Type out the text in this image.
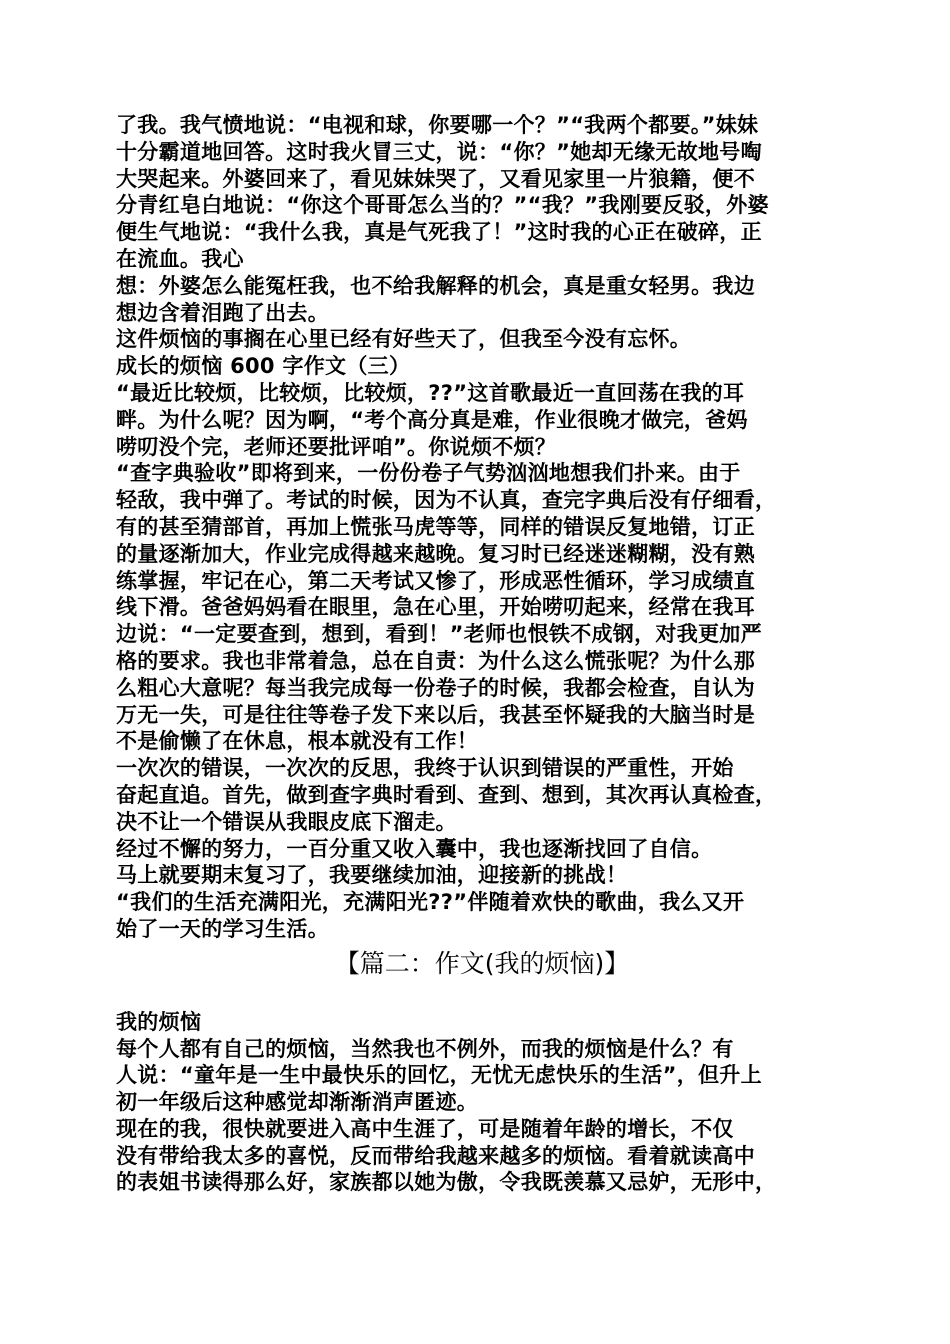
了我。我气愤地说：“电视和球，你要哪一个？”“我两个都要。”妹妹
十分霸道地回答。这时我火冒三丈，说：“你？”她却无缘无故地号啕
大哭起来。外婆回来了，看见妹妹哭了，又看见家里一片狼籍，便不
分青红皂白地说：“你这个哥哥怎么当的？”“我？”我刚要反驳，外婆
便生气地说：“我什么我，真是气死我了！”这时我的心正在破碎，正
在流血。我心
想：外婆怎么能冤枉我，也不给我解释的机会，真是重女轻男。我边
想边含着泪跑了出去。
这件烦恼的事搁在心里已经有好些天了，但我至今没有忘怀。
成长的烦恼 600 字作文（三）
“最近比较烦，比较烦，比较烦，??”这首歌最近一直回荡在我的耳
畔。为什么呢？因为啊，“考个高分真是难，作业很晚才做完，爸妈
唠叨没个完，老师还要批评咱”。你说烦不烦？
“查字典验收”即将到来，一份份卷子气势汹汹地想我们扑来。由于
轻敌，我中弹了。考试的时候，因为不认真，查完字典后没有仔细看，
有的甚至猜部首，再加上慌张马虎等等，同样的错误反复地错，订正
的量逐渐加大，作业完成得越来越晚。复习时已经迷迷糊糊，没有熟
练掌握，牢记在心，第二天考试又惨了，形成恶性循环，学习成绩直
线下滑。爸爸妈妈看在眼里，急在心里，开始唠叨起来，经常在我耳
边说：“一定要查到，想到，看到！”老师也恨铁不成钢，对我更加严
格的要求。我也非常着急，总在自责：为什么这么慌张呢？为什么那
么粗心大意呢？每当我完成每一份卷子的时候，我都会检查，自认为
万无一失，可是往往等卷子发下来以后，我甚至怀疑我的大脑当时是
不是偷懒了在休息，根本就没有工作！
一次次的错误，一次次的反思，我终于认识到错误的严重性，开始
奋起直追。首先，做到查字典时看到、查到、想到，其次再认真检查，
决不让一个错误从我眼皮底下溜走。
经过不懈的努力，一百分重又收入囊中，我也逐渐找回了自信。
马上就要期末复习了，我要继续加油，迎接新的挑战！
“我们的生活充满阳光，充满阳光??”伴随着欢快的歌曲，我么又开
始了一天的学习生活。
【篇二：作文(我的烦恼)】
我的烦恼
每个人都有自己的烦恼，当然我也不例外，而我的烦恼是什么？有
人说：“童年是一生中最快乐的回忆，无忧无虑快乐的生活”，但升上
初一年级后这种感觉却渐渐消声匿迹。
现在的我，很快就要进入高中生涯了，可是随着年龄的增长，不仅
没有带给我太多的喜悦，反而带给我越来越多的烦恼。看着就读高中
的表姐书读得那么好，家族都以她为傲，令我既羡慕又忌妒，无形中，
